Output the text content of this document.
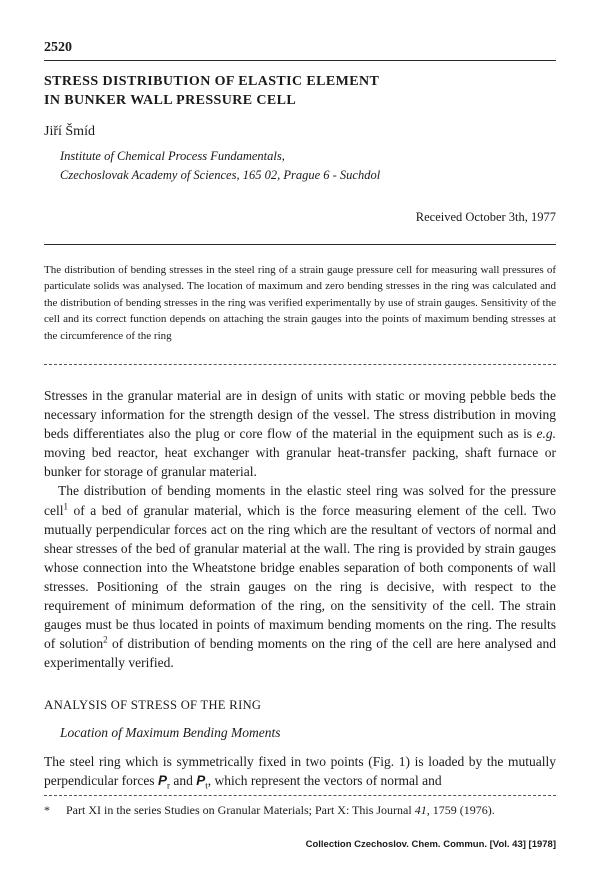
2520
STRESS DISTRIBUTION OF ELASTIC ELEMENT
IN BUNKER WALL PRESSURE CELL
Jiří Šmíd
Institute of Chemical Process Fundamentals,
Czechoslovak Academy of Sciences, 165 02, Prague 6 - Suchdol
Received October 3th, 1977
The distribution of bending stresses in the steel ring of a strain gauge pressure cell for measuring wall pressures of particulate solids was analysed. The location of maximum and zero bending stresses in the ring was calculated and the distribution of bending stresses in the ring was verified experimentally by use of strain gauges. Sensitivity of the cell and its correct function depends on attaching the strain gauges into the points of maximum bending stresses at the circumference of the ring

Stresses in the granular material are in design of units with static or moving pebble beds the necessary information for the strength design of the vessel. The stress distribution in moving beds differentiates also the plug or core flow of the material in the equipment such as is e.g. moving bed reactor, heat exchanger with granular heat-transfer packing, shaft furnace or bunker for storage of granular material.

The distribution of bending moments in the elastic steel ring was solved for the pressure cell$^1$ of a bed of granular material, which is the force measuring element of the cell. Two mutually perpendicular forces act on the ring which are the resultant of vectors of normal and shear stresses of the bed of granular material at the wall. The ring is provided by strain gauges whose connection into the Wheatstone bridge enables separation of both components of wall stresses. Positioning of the strain gauges on the ring is decisive, with respect to the requirement of minimum deformation of the ring, on the sensitivity of the cell. The strain gauges must be thus located in points of maximum bending moments on the ring. The results of solution$^2$ of distribution of bending moments on the ring of the cell are here analysed and experimentally verified.

ANALYSIS OF STRESS OF THE RING
Location of Maximum Bending Moments
The steel ring which is symmetrically fixed in two points (Fig. 1) is loaded by the mutually perpendicular forces $P_r$ and $P_t$, which represent the vectors of normal and
* Part XI in the series Studies on Granular Materials; Part X: This Journal 41, 1759 (1976).
Collection Czechoslov. Chem. Commun. [Vol. 43] [1978]
